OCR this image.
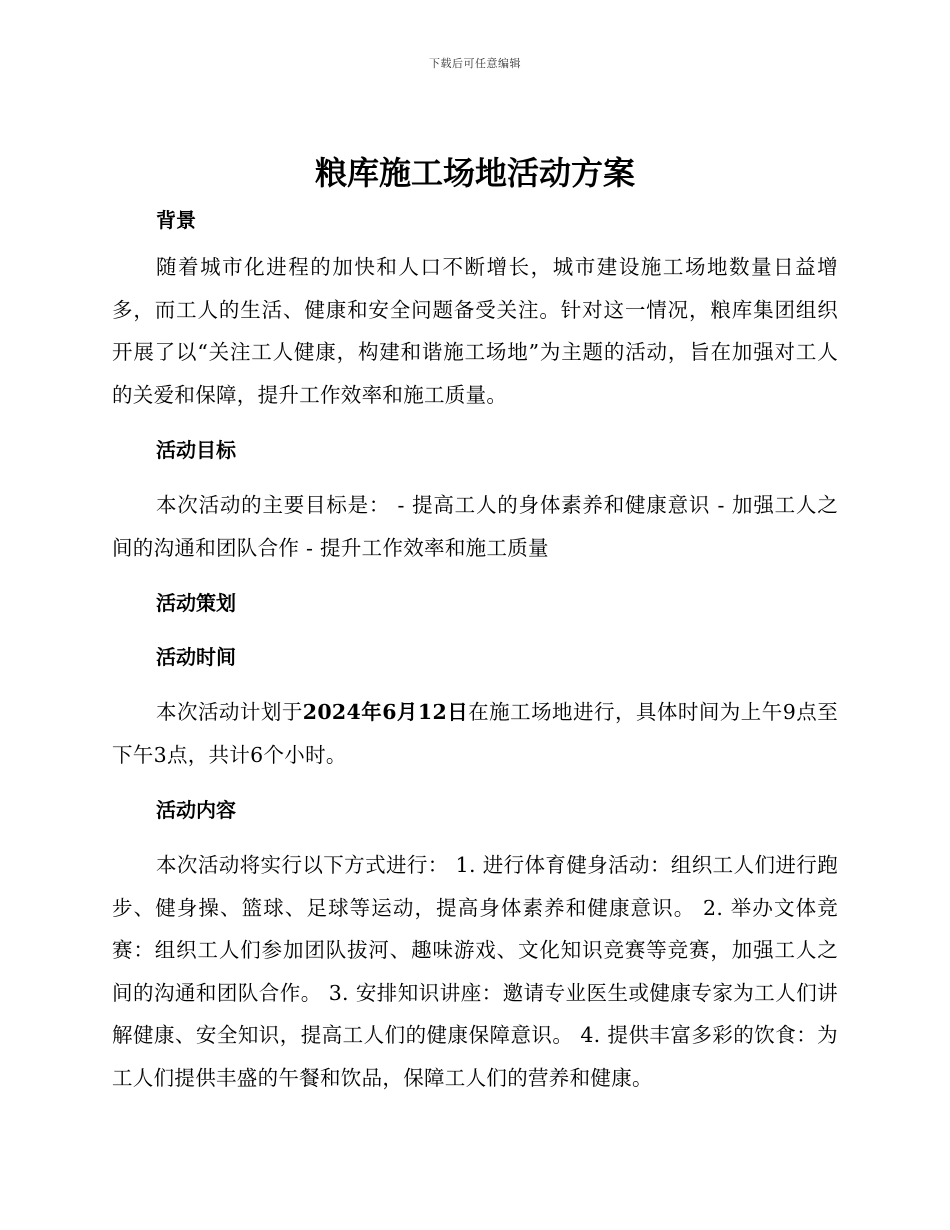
下载后可任意编辑
粮库施工场地活动方案
背景

随着城市化进程的加快和人口不断增长，城市建设施工场地数量日益增多，而工人的生活、健康和安全问题备受关注。针对这一情况，粮库集团组织开展了以“关注工人健康，构建和谐施工场地”为主题的活动，旨在加强对工人的关爱和保障，提升工作效率和施工质量。

活动目标

本次活动的主要目标是： - 提高工人的身体素养和健康意识 - 加强工人之间的沟通和团队合作 - 提升工作效率和施工质量

活动策划
活动时间

本次活动计划于2024年6月12日在施工场地进行，具体时间为上午9点至下午3点，共计6个小时。

活动内容

本次活动将实行以下方式进行： 1. 进行体育健身活动：组织工人们进行跑步、健身操、篮球、足球等运动，提高身体素养和健康意识。 2. 举办文体竞赛：组织工人们参加团队拔河、趣味游戏、文化知识竞赛等竞赛，加强工人之间的沟通和团队合作。 3. 安排知识讲座：邀请专业医生或健康专家为工人们讲解健康、安全知识，提高工人们的健康保障意识。 4. 提供丰富多彩的饮食：为工人们提供丰盛的午餐和饮品，保障工人们的营养和健康。
